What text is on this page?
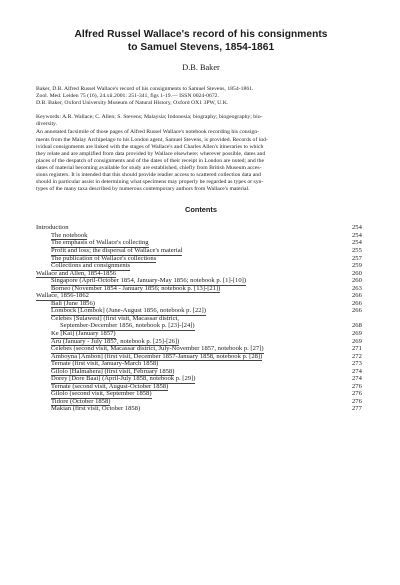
Alfred Russel Wallace's record of his consignments
to Samuel Stevens, 1854-1861
D.B. Baker
Baker, D.B. Alfred Russel Wallace's record of his consignments to Samuel Stevens, 1854-1861.
Zool. Med. Leiden 75 (16), 24.xii.2001: 251-341, figs 1-19.— ISSN 0024-0672.
D.B. Baker, Oxford University Museum of Natural History, Oxford OX1 3PW, U.K.
Keywords: A.R. Wallace; C. Allen; S. Stevens; Malaysia; Indonesia; biography; biogeography; bio-
diversity.
An annotated facsimile of those pages of Alfred Russel Wallace's notebook recording his consign-
ments from the Malay Archipelago to his London agent, Samuel Stevens, is provided. Records of ind-
ividual consignments are linked with the stages of Wallace's and Charles Allen's itineraries to which
they relate and are amplified from data provided by Wallace elsewhere; wherever possible, dates and
places of the despatch of consignments and of the dates of their receipt in London are noted; and the
dates of material becoming available for study are established, chiefly from British Museum acces-
sions registers. It is intended that this should provide readier access to scattered collection data and
should in particular assist in determining what specimens may properly be regarded as types or syn-
types of the many taxa described by numerous contemporary authors from Wallace's material.
Contents
Introduction	254
The notebook	254
The emphasis of Wallace's collecting	254
Profit and loss; the dispersal of Wallace's material	255
The publication of Wallace's collections	257
Collections and consignments	259
Wallace and Allen, 1854-1856	260
Singapore (April-October 1854, January-May 1856; notebook p. [1]-[10])	260
Borneo (November 1854 - January 1856; notebook p. [13]-[21])	263
Wallace, 1856-1862	266
Bali (June 1856)	266
Lombock [Lombok] (June-August 1856, notebook p. [22])	266
Celebes [Sulawesi] (first visit, Macassar district,
September-December 1856, notebook p. [23]-[24])	268
Ke [Kai] (January 1857)	269
Aru (January - July 1857, notebook p. [25]-[26])	269
Celebes (second visit, Macassar district, July-November 1857, notebook p. [27])	271
Amboyna [Ambon] (first visit, December 1857-January 1858, notebook p. [28])	272
Ternate (first visit, January-March 1858)	273
Gilolo [Halmahera] (first visit, February 1858)	274
Dorey [Dore Baai] (April-July 1858, notebook p. [29])	274
Ternate (second visit, August-October 1858)	276
Gilolo (second visit, September 1858)	276
Tidore (October 1858)	276
Makian (first visit, October 1858)	277
